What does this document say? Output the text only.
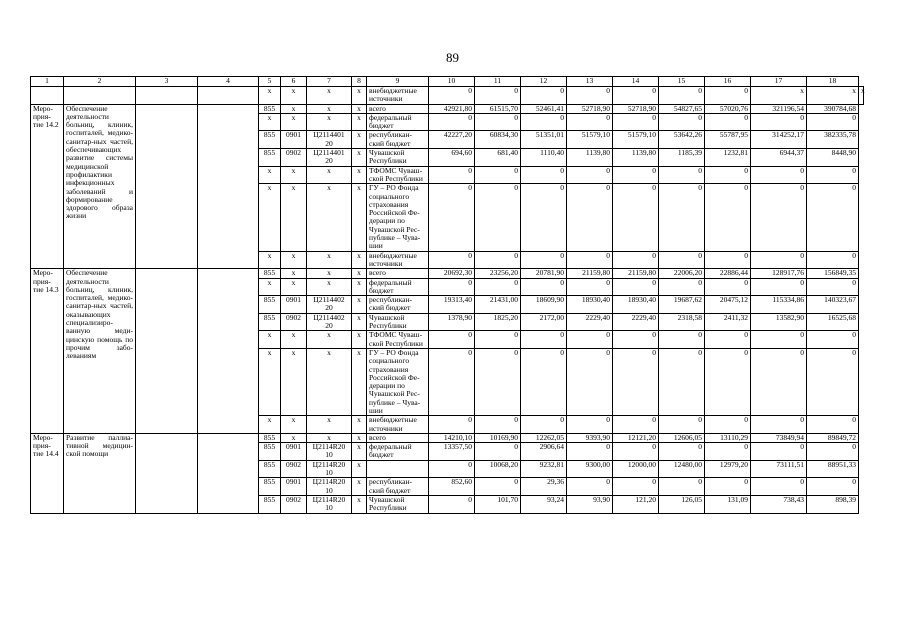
89
1	2	3	4	5	6	7	8	9	10	11	12	13	14	15	16	17	18	
				x	x	x	x	внебюджетные источники	0	0	0	0	0	0	0	x	x	x
Меро-прия-тие 14.2	Обеспечение деятельности больниц, клиник, госпиталей, медико-санитар-ных частей, обеспечивающих развитие системы медицинской профилактики инфекционных заболеваний и формирование здорового образа жизни			855	x	x	x	всего	42921,80	61515,70	52461,41	52718,90	52718,90	54827,65	57020,76	321196,54	390784,68	
				x	x	x	x	федеральный бюджет	0	0	0	0	0	0	0	0	0	
				855	0901	Ц2114401 20	x	республикан-ский бюджет	42227,20	60834,30	51351,01	51579,10	51579,10	53642,26	55787,95	314252,17	382335,78	
				855	0902	Ц2114401 20	x	Чувашской Республики	694,60	681,40	1110,40	1139,80	1139,80	1185,39	1232,81	6944,37	8448,90	
				x	x	x	x	ТФОМС Чуваш-ской Республики	0	0	0	0	0	0	0	0	0	
				x	x	x	x	ГУ – РО Фонда социального страхования Российской Фе-дерации по Чувашской Рес-публике – Чува-шии	0	0	0	0	0	0	0	0	0	
				x	x	x	x	внебюджетные источники	0	0	0	0	0	0	0	0	0	
Меро-прия-тие 14.3	Обеспечение деятельности больниц, клиник, госпиталей, медико-санитар-ных частей, оказывающих специализиро-ванную меди-цинскую помощь по прочим забо-леваниям			855	x	x	x	всего	20692,30	23256,20	20781,90	21159,80	21159,80	22006,20	22886,44	128917,76	156849,35	
				x	x	x	x	федеральный бюджет	0	0	0	0	0	0	0	0	0	
				855	0901	Ц2114402 20	x	республикан-ский бюджет	19313,40	21431,00	18609,90	18930,40	18930,40	19687,62	20475,12	115334,86	140323,67	
				855	0902	Ц2114402 20	x	Чувашской Республики	1378,90	1825,20	2172,00	2229,40	2229,40	2318,58	2411,32	13582,90	16525,68	
				x	x	x	x	ТФОМС Чуваш-ской Республики	0	0	0	0	0	0	0	0	0	
				x	x	x	x	ГУ – РО Фонда социального страхования Российской Фе-дерации по Чувашской Рес-публике – Чува-шии	0	0	0	0	0	0	0	0	0	
				x	x	x	x	внебюджетные источники	0	0	0	0	0	0	0	0	0	
Меро-прия-тие 14.4	Развитие паллиа-тивной медицин-ской помощи			855	x	x	x	всего	14210,10	10169,90	12262,05	9393,90	12121,20	12606,05	13110,29	73849,94	89849,72	
				855	0901	Ц2114R20 10	x	федеральный бюджет	13357,50	0	2906,64	0	0	0	0	0	0	
				855	0902	Ц2114R20 10	x		0	10068,20	9232,81	9300,00	12000,00	12480,00	12979,20	73111,51	88951,33	
				855	0901	Ц2114R20 10	x	республикан-ский бюджет	852,60	0	29,36	0	0	0	0	0	0	
				855	0902	Ц2114R20 10	x	Чувашской Республики	0	101,70	93,24	93,90	121,20	126,05	131,09	738,43	898,39	
